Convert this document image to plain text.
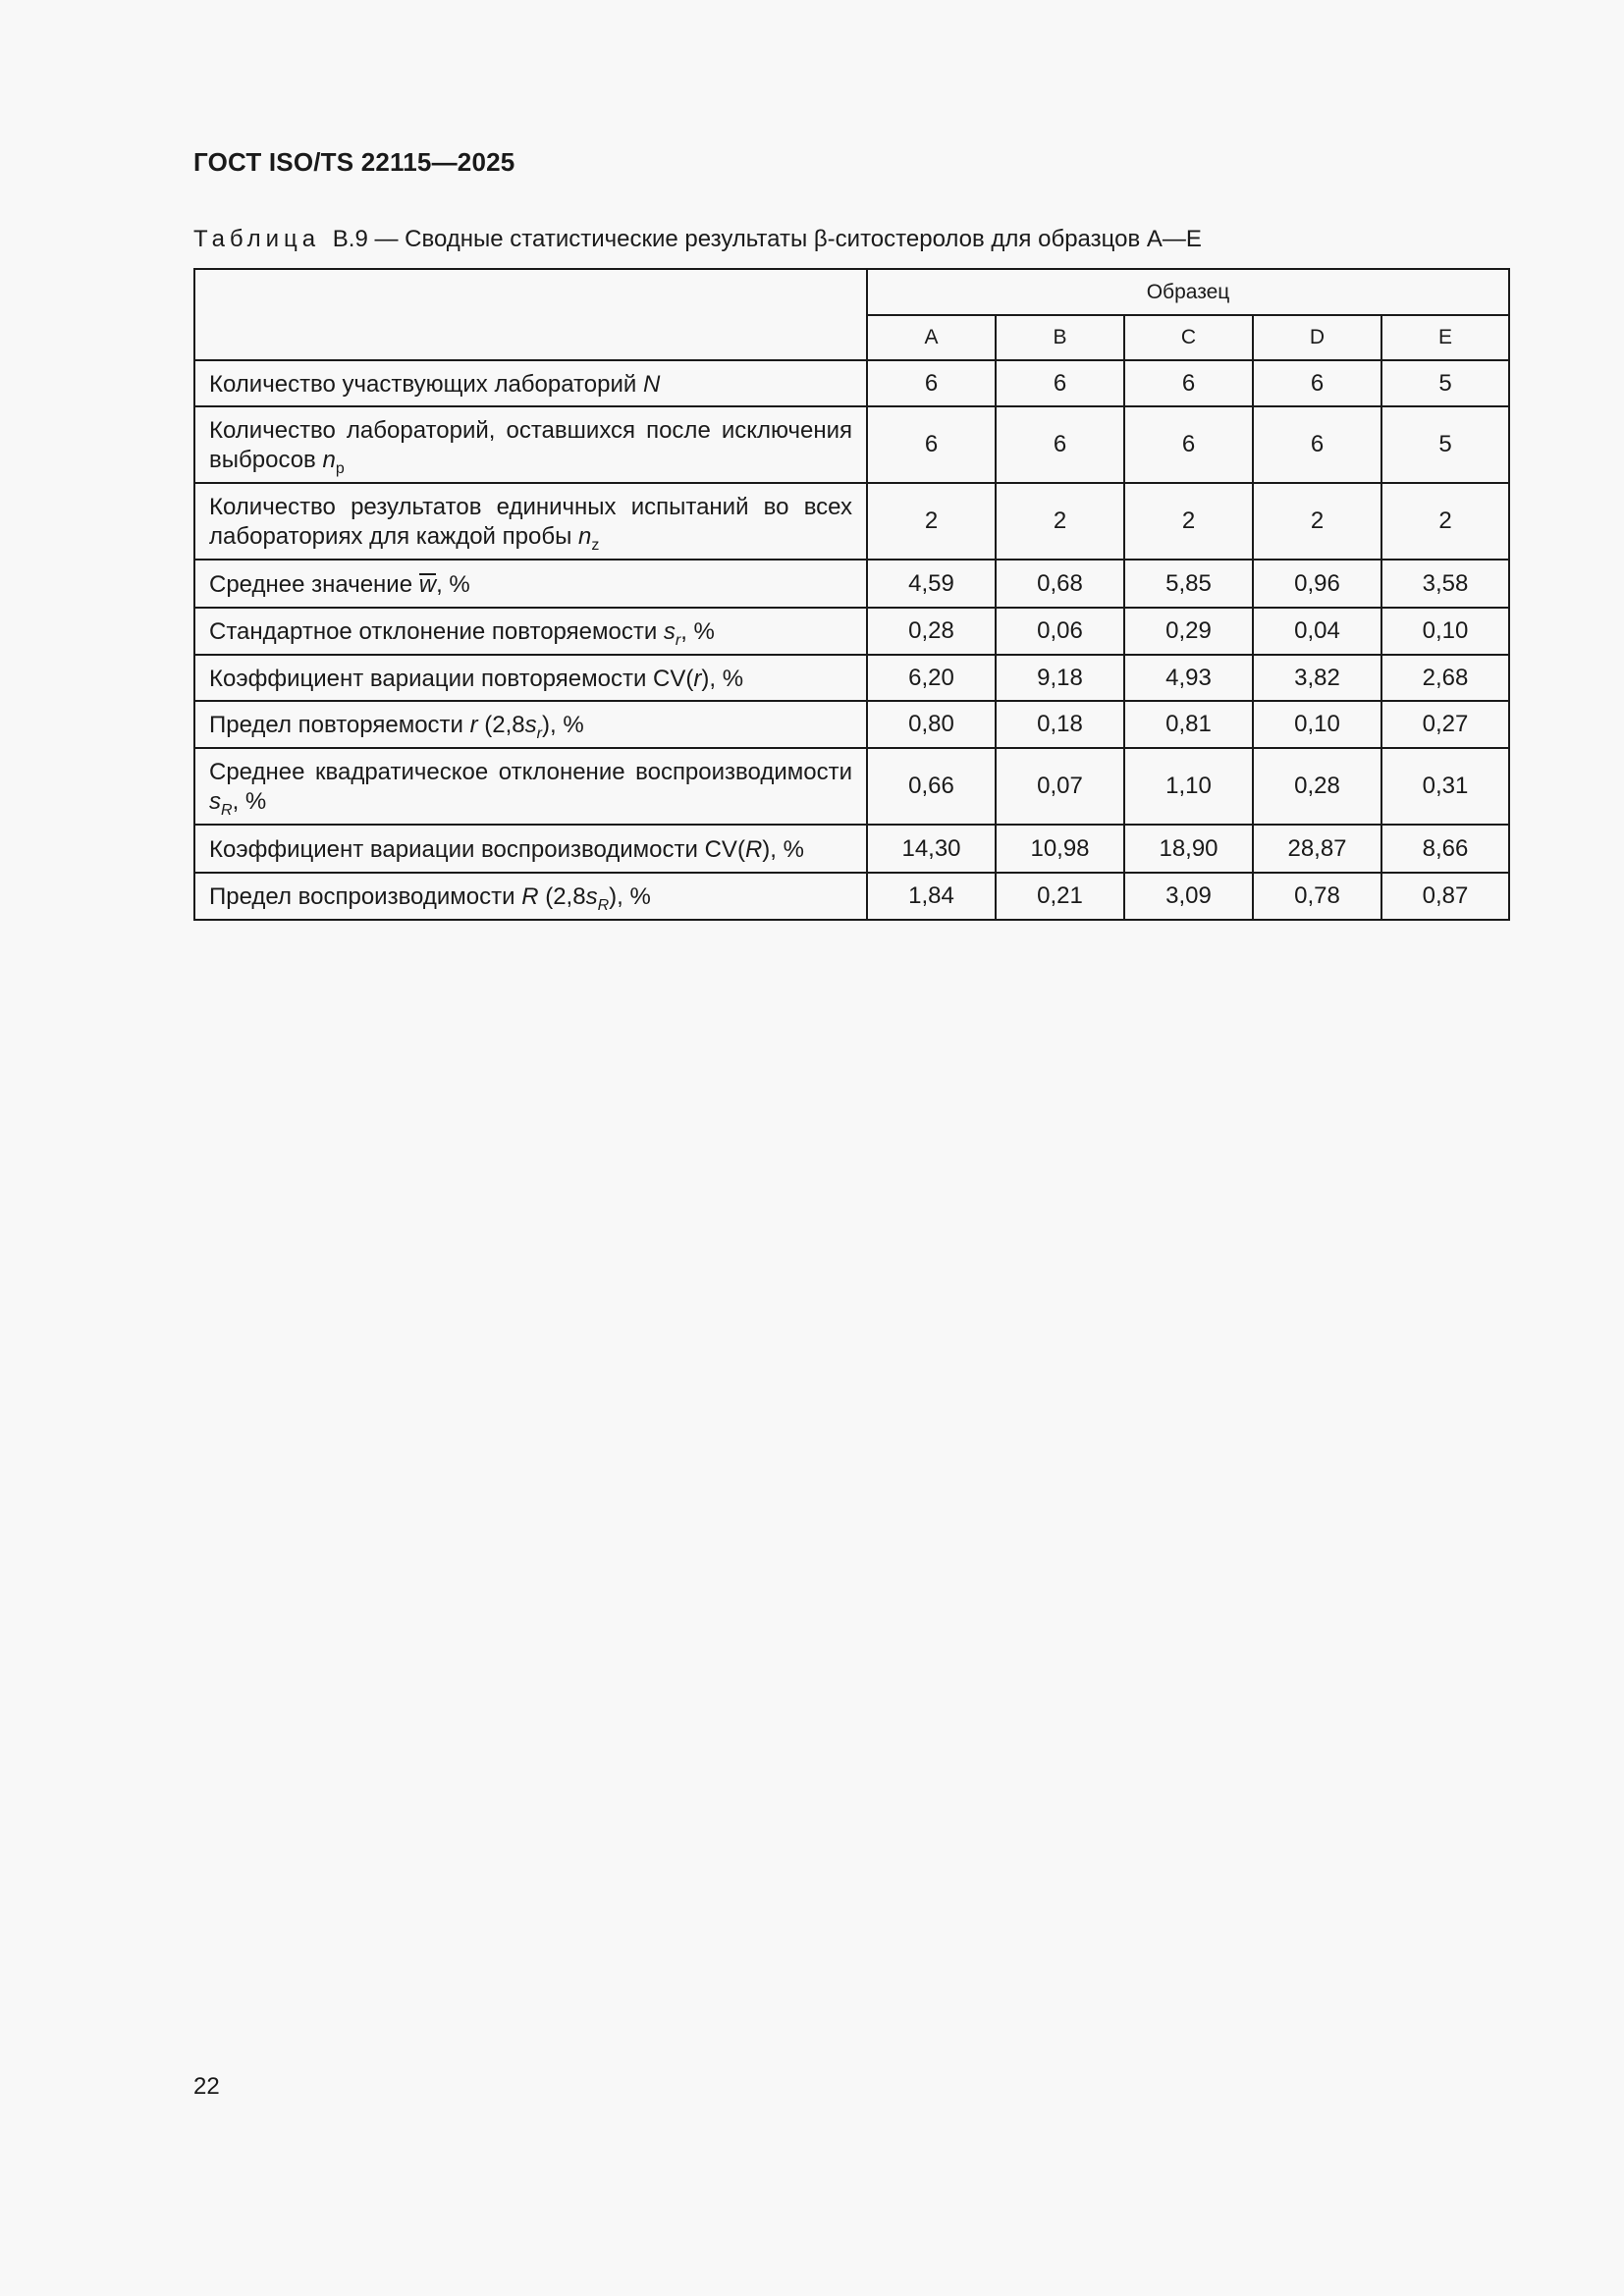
ГОСТ ISO/TS 22115—2025
Таблица В.9 — Сводные статистические результаты β-ситостеролов для образцов А—Е
	Образец				
	A	B	C	D	E
Количество участвующих лабораторий N	6	6	6	6	5
Количество лабораторий, оставшихся после исключения выбросов $n_p$	6	6	6	6	5
Количество результатов единичных испытаний во всех лабораториях для каждой пробы $n_z$	2	2	2	2	2
Среднее значение w, %	4,59	0,68	5,85	0,96	3,58
Стандартное отклонение повторяемости $s_r$, %	0,28	0,06	0,29	0,04	0,10
Коэффициент вариации повторяемости CV(r), %	6,20	9,18	4,93	3,82	2,68
Предел повторяемости r $(2,8s_r)$, %	0,80	0,18	0,81	0,10	0,27
Среднее квадратическое отклонение воспроизводимости $s_R$, %	0,66	0,07	1,10	0,28	0,31
Коэффициент вариации воспроизводимости CV(R), %	14,30	10,98	18,90	28,87	8,66
Предел воспроизводимости R $(2,8s_R)$, %	1,84	0,21	3,09	0,78	0,87
22
